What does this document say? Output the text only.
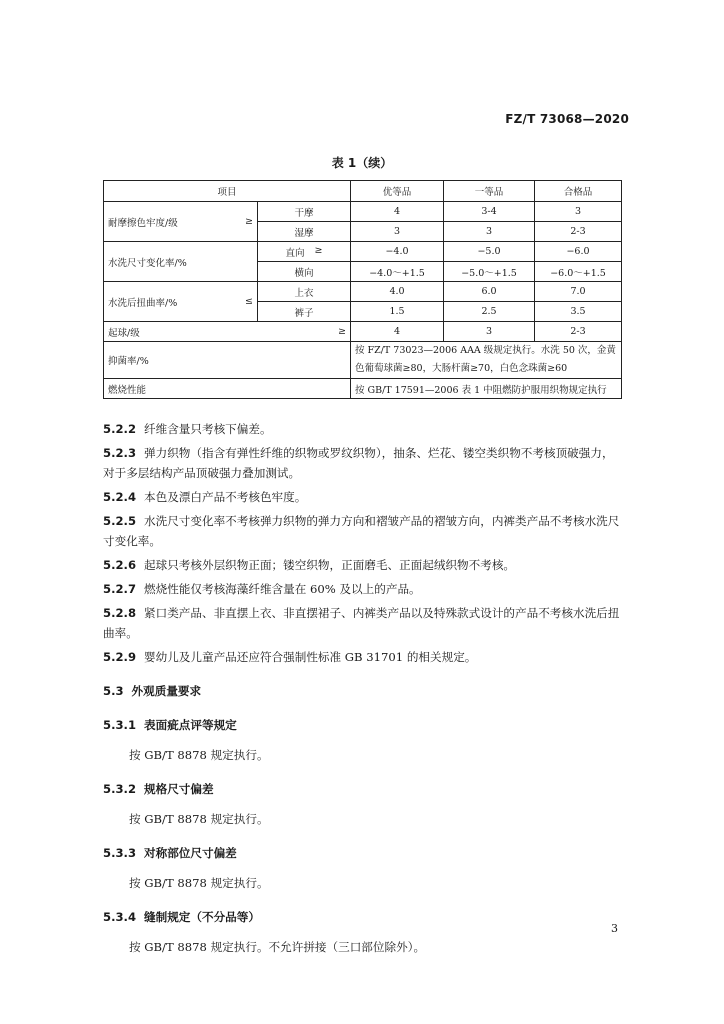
FZ/T 73068—2020
表 1（续）
项目		优等品	一等品	合格品

耐摩擦色牢度/级 ≥	干摩	4	3-4	3
	湿摩	3	3	2-3
水洗尺寸变化率/%	直向 ≥	−4.0	−5.0	−6.0
	横向	−4.0～+1.5	−5.0～+1.5	−6.0～+1.5

水洗后扭曲率/% ≤	上衣	4.0	6.0	7.0
	裤子	1.5	2.5	3.5

起球/级 ≥		4	3	2-3
抑菌率/%		按 FZ/T 73023—2006 AAA 级规定执行。水洗 50 次，金黄
色葡萄球菌≥80，大肠杆菌≥70，白色念珠菌≥60		

燃烧性能		按 GB/T 17591—2006 表 1 中阻燃防护服用织物规定执行		

5.2.2 纤维含量只考核下偏差。

5.2.3 弹力织物（指含有弹性纤维的织物或罗纹织物），抽条、烂花、镂空类织物不考核顶破强力，对于多层结构产品顶破强力叠加测试。

5.2.4 本色及漂白产品不考核色牢度。

5.2.5 水洗尺寸变化率不考核弹力织物的弹力方向和褶皱产品的褶皱方向，内裤类产品不考核水洗尺寸变化率。

5.2.6 起球只考核外层织物正面；镂空织物，正面磨毛、正面起绒织物不考核。

5.2.7 燃烧性能仅考核海藻纤维含量在 60% 及以上的产品。

5.2.8 紧口类产品、非直摆上衣、非直摆裙子、内裤类产品以及特殊款式设计的产品不考核水洗后扭曲率。

5.2.9 婴幼儿及儿童产品还应符合强制性标准 GB 31701 的相关规定。

5.3 外观质量要求

5.3.1 表面疵点评等规定

按 GB/T 8878 规定执行。

5.3.2 规格尺寸偏差

按 GB/T 8878 规定执行。

5.3.3 对称部位尺寸偏差

按 GB/T 8878 规定执行。

5.3.4 缝制规定（不分品等）

按 GB/T 8878 规定执行。不允许拼接（三口部位除外）。

3
